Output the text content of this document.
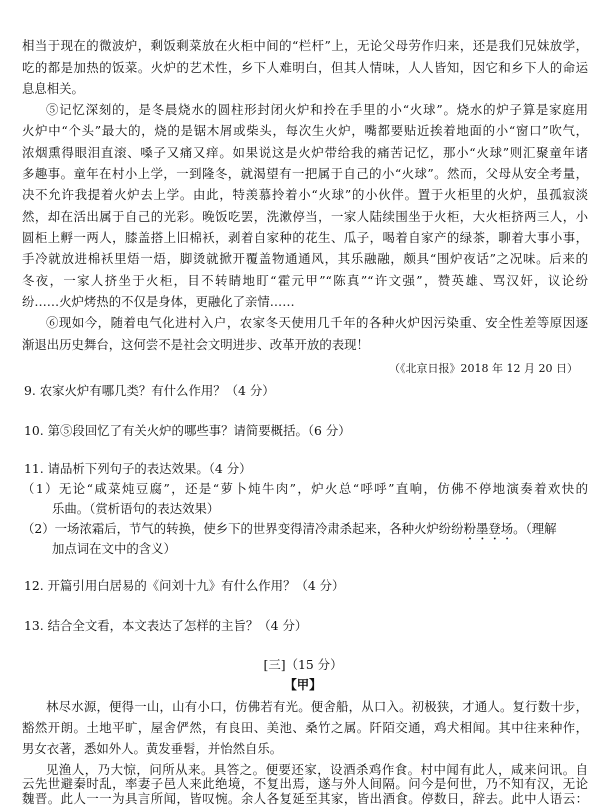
相当于现在的微波炉，剩饭剩菜放在火柜中间的“栏杆”上，无论父母劳作归来，还是我们兄妹放学，
吃的都是加热的饭菜。火炉的艺术性，乡下人难明白，但其人情味，人人皆知，因它和乡下人的命运
息息相关。
⑤记忆深刻的，是冬晨烧水的圆柱形封闭火炉和拎在手里的小“火球”。烧水的炉子算是家庭用
火炉中“个头”最大的，烧的是锯木屑或柴头，每次生火炉，嘴都要贴近挨着地面的小“窗口”吹气，
浓烟熏得眼泪直滚、嗓子又痛又痒。如果说这是火炉带给我的痛苦记忆，那小“火球”则汇聚童年诸
多趣事。童年在村小上学，一到隆冬，就渴望有一把属于自己的小“火球”。然而，父母从安全考量，
决不允许我提着火炉去上学。由此，特羡慕拎着小“火球”的小伙伴。置于火柜里的火炉，虽孤寂淡
然，却在活出属于自己的光彩。晚饭吃罢，洗漱停当，一家人陆续围坐于火柜，大火柜挤两三人，小
圆柜上孵一两人，膝盖搭上旧棉袄，剥着自家种的花生、瓜子，喝着自家产的绿茶，聊着大事小事，
手冷就放进棉袄里焐一焐，脚烫就掀开覆盖物通通风，其乐融融，颇具“围炉夜话”之况味。后来的
冬夜，一家人挤坐于火柜，目不转睛地盯“霍元甲”“陈真”“许文强”，赞英雄、骂汉奸，议论纷
纷……火炉烤热的不仅是身体，更融化了亲情……
⑥现如今，随着电气化进村入户，农家冬天使用几千年的各种火炉因污染重、安全性差等原因逐
渐退出历史舞台，这何尝不是社会文明进步、改革开放的表现！
（《北京日报》2018 年 12 月 20 日）
9. 农家火炉有哪几类？有什么作用？（4 分）
10. 第⑤段回忆了有关火炉的哪些事？请简要概括。（6 分）
11. 请品析下列句子的表达效果。（4 分）
（1）无论“咸菜炖豆腐”，还是“萝卜炖牛肉”，炉火总“呼呼”直响，仿佛不停地演奏着欢快的
乐曲。（赏析语句的表达效果）
（2）一场浓霜后，节气的转换，使乡下的世界变得清冷肃杀起来，各种火炉纷纷粉墨登场。（理解
加点词在文中的含义）
12. 开篇引用白居易的《问刘十九》有什么作用？（4 分）
13. 结合全文看，本文表达了怎样的主旨？（4 分）
[三]（15 分）
【甲】
林尽水源，便得一山，山有小口，仿佛若有光。便舍船，从口入。初极狭，才通人。复行数十步，
豁然开朗。土地平旷，屋舍俨然，有良田、美池、桑竹之属。阡陌交通，鸡犬相闻。其中往来种作，
男女衣著，悉如外人。黄发垂髫，并怡然自乐。
见渔人，乃大惊，问所从来。具答之。便要还家，设酒杀鸡作食。村中闻有此人，咸来问讯。自
云先世避秦时乱，率妻子邑人来此绝境，不复出焉，遂与外人间隔。问今是何世，乃不知有汉，无论
魏晋。此人一一为具言所闻，皆叹惋。余人各复延至其家，皆出酒食。停数日，辞去。此中人语云：
